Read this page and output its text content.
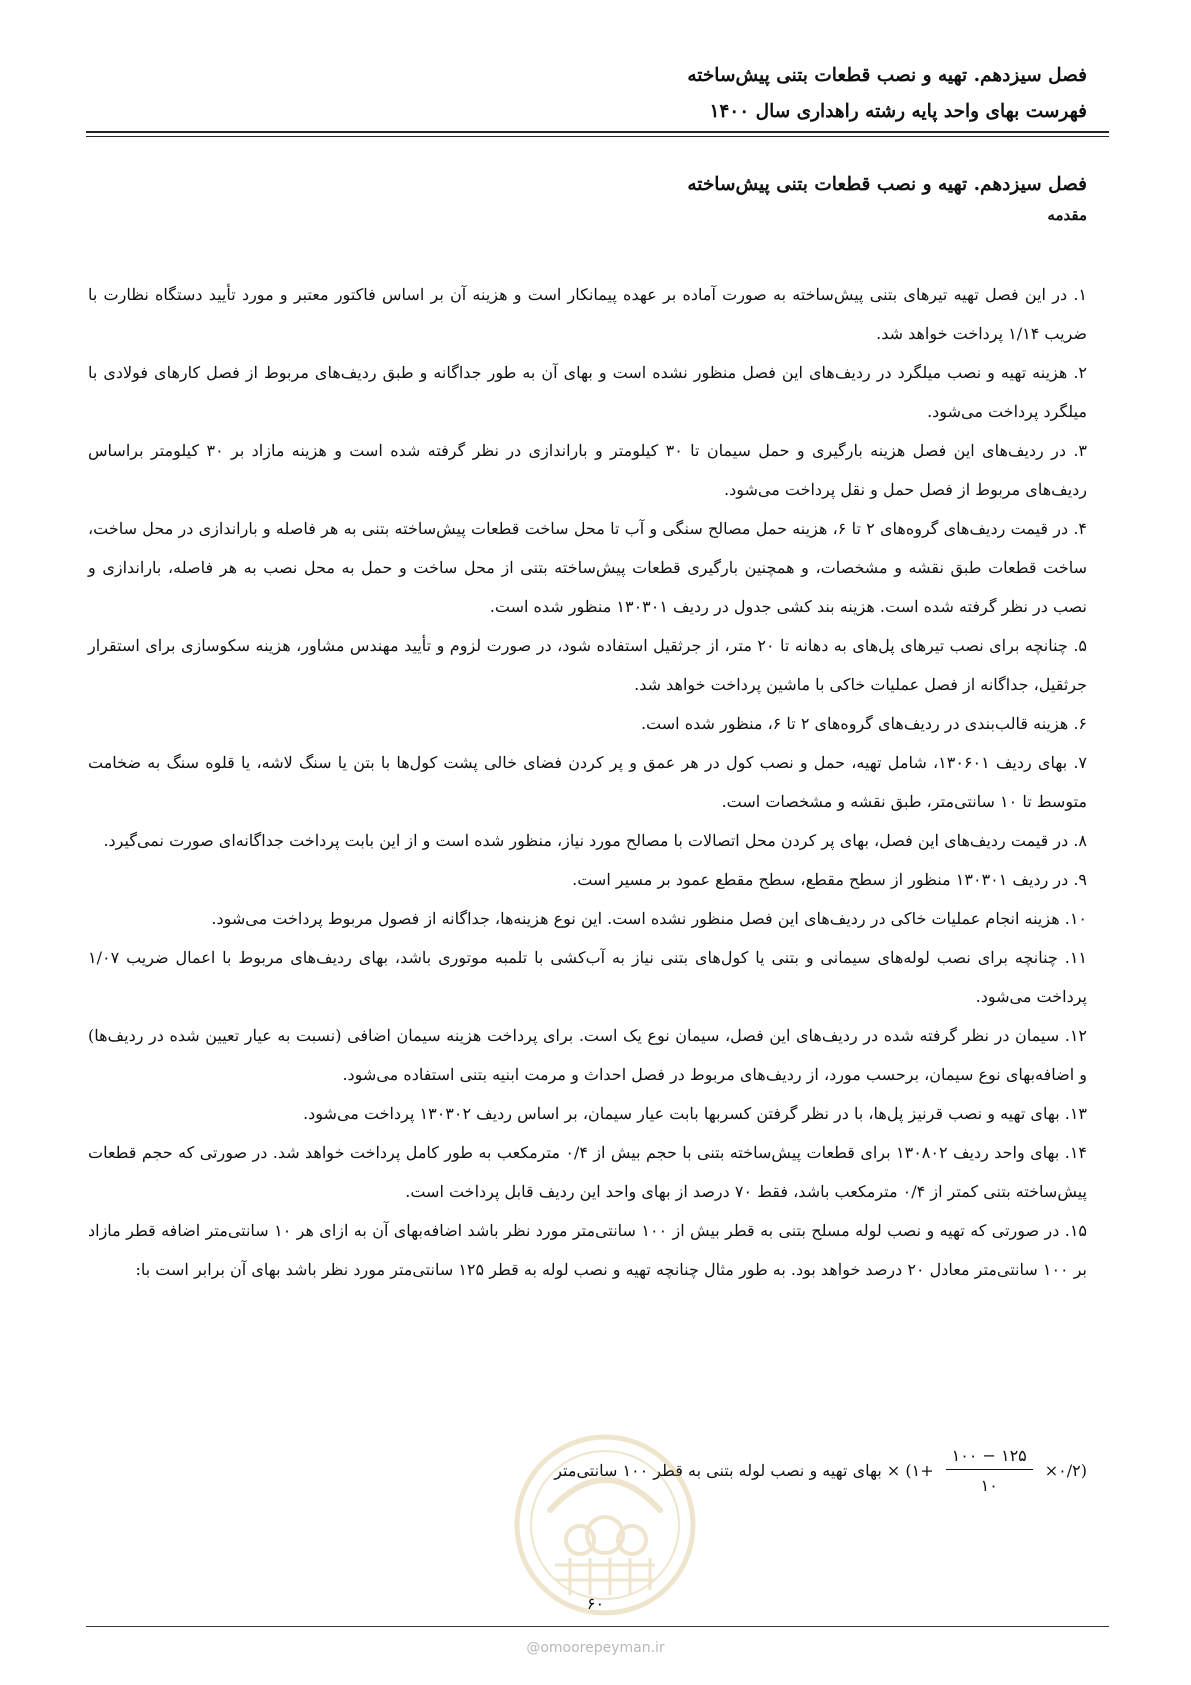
فصل سیزدهم. تهیه و نصب قطعات بتنی پیش‌ساخته
فهرست بهای واحد پایه رشته راهداری سال ۱۴۰۰
فصل سیزدهم. تهیه و نصب قطعات بتنی پیش‌ساخته
مقدمه

۱. در این فصل تهیه تیرهای بتنی پیش‌ساخته به صورت آماده بر عهده پیمانکار است و هزینه آن بر اساس فاکتور معتبر و مورد تأیید دستگاه نظارت با ضریب ۱/۱۴ پرداخت خواهد شد.

۲. هزینه تهیه و نصب میلگرد در ردیف‌های این فصل منظور نشده است و بهای آن به طور جداگانه و طبق ردیف‌های مربوط از فصل کارهای فولادی با میلگرد پرداخت می‌شود.

۳. در ردیف‌های این فصل هزینه بارگیری و حمل سیمان تا ۳۰ کیلومتر و باراندازی در نظر گرفته شده است و هزینه مازاد بر ۳۰ کیلومتر براساس ردیف‌های مربوط از فصل حمل و نقل پرداخت می‌شود.

۴. در قیمت ردیف‌های گروه‌های ۲ تا ۶، هزینه حمل مصالح سنگی و آب تا محل ساخت قطعات پیش‌ساخته بتنی به هر فاصله و باراندازی در محل ساخت، ساخت قطعات طبق نقشه و مشخصات، و همچنین بارگیری قطعات پیش‌ساخته بتنی از محل ساخت و حمل به محل نصب به هر فاصله، باراندازی و نصب در نظر گرفته شده است. هزینه بند کشی جدول در ردیف ۱۳۰۳۰۱ منظور شده است.

۵. چنانچه برای نصب تیرهای پل‌های به دهانه تا ۲۰ متر، از جرثقیل استفاده شود، در صورت لزوم و تأیید مهندس مشاور، هزینه سکوسازی برای استقرار جرثقیل، جداگانه از فصل عملیات خاکی با ماشین پرداخت خواهد شد.

۶. هزینه قالب‌بندی در ردیف‌های گروه‌های ۲ تا ۶، منظور شده است.

۷. بهای ردیف ۱۳۰۶۰۱، شامل تهیه، حمل و نصب کول در هر عمق و پر کردن فضای خالی پشت کول‌ها با بتن یا سنگ لاشه، یا قلوه سنگ به ضخامت متوسط تا ۱۰ سانتی‌متر، طبق نقشه و مشخصات است.

۸. در قیمت ردیف‌های این فصل، بهای پر کردن محل اتصالات با مصالح مورد نیاز، منظور شده است و از این بابت پرداخت جداگانه‌ای صورت نمی‌گیرد.

۹. در ردیف ۱۳۰۳۰۱ منظور از سطح مقطع، سطح مقطع عمود بر مسیر است.

۱۰. هزینه انجام عملیات خاکی در ردیف‌های این فصل منظور نشده است. این نوع هزینه‌ها، جداگانه از فصول مربوط پرداخت می‌شود.

۱۱. چنانچه برای نصب لوله‌های سیمانی و بتنی یا کول‌های بتنی نیاز به آب‌کشی با تلمبه موتوری باشد، بهای ردیف‌های مربوط با اعمال ضریب ۱/۰۷ پرداخت می‌شود.

۱۲. سیمان در نظر گرفته شده در ردیف‌های این فصل، سیمان نوع یک است. برای پرداخت هزینه سیمان اضافی (نسبت به عیار تعیین شده در ردیف‌ها) و اضافه‌بهای نوع سیمان، برحسب مورد، از ردیف‌های مربوط در فصل احداث و مرمت ابنیه بتنی استفاده می‌شود.

۱۳. بهای تهیه و نصب قرنیز پل‌ها، با در نظر گرفتن کسربها بابت عیار سیمان، بر اساس ردیف ۱۳۰۳۰۲ پرداخت می‌شود.

۱۴. بهای واحد ردیف ۱۳۰۸۰۲ برای قطعات پیش‌ساخته بتنی با حجم بیش از ۰/۴ مترمکعب به طور کامل پرداخت خواهد شد. در صورتی که حجم قطعات پیش‌ساخته بتنی کمتر از ۰/۴ مترمکعب باشد، فقط ۷۰ درصد از بهای واحد این ردیف قابل پرداخت است.

۱۵. در صورتی که تهیه و نصب لوله مسلح بتنی به قطر بیش از ۱۰۰ سانتی‌متر مورد نظر باشد اضافه‌بهای آن به ازای هر ۱۰ سانتی‌متر اضافه قطر مازاد بر ۱۰۰ سانتی‌متر معادل ۲۰ درصد خواهد بود. به طور مثال چنانچه تهیه و نصب لوله به قطر ۱۲۵ سانتی‌متر مورد نظر باشد بهای آن برابر است با:

(۰/۲×
$\frac{۱۲۵ - ۱۰۰}{۱۰}$
+۱) × بهای تهیه و نصب لوله بتنی به قطر ۱۰۰ سانتی‌متر
۶۰
@omoorepeyman.ir
